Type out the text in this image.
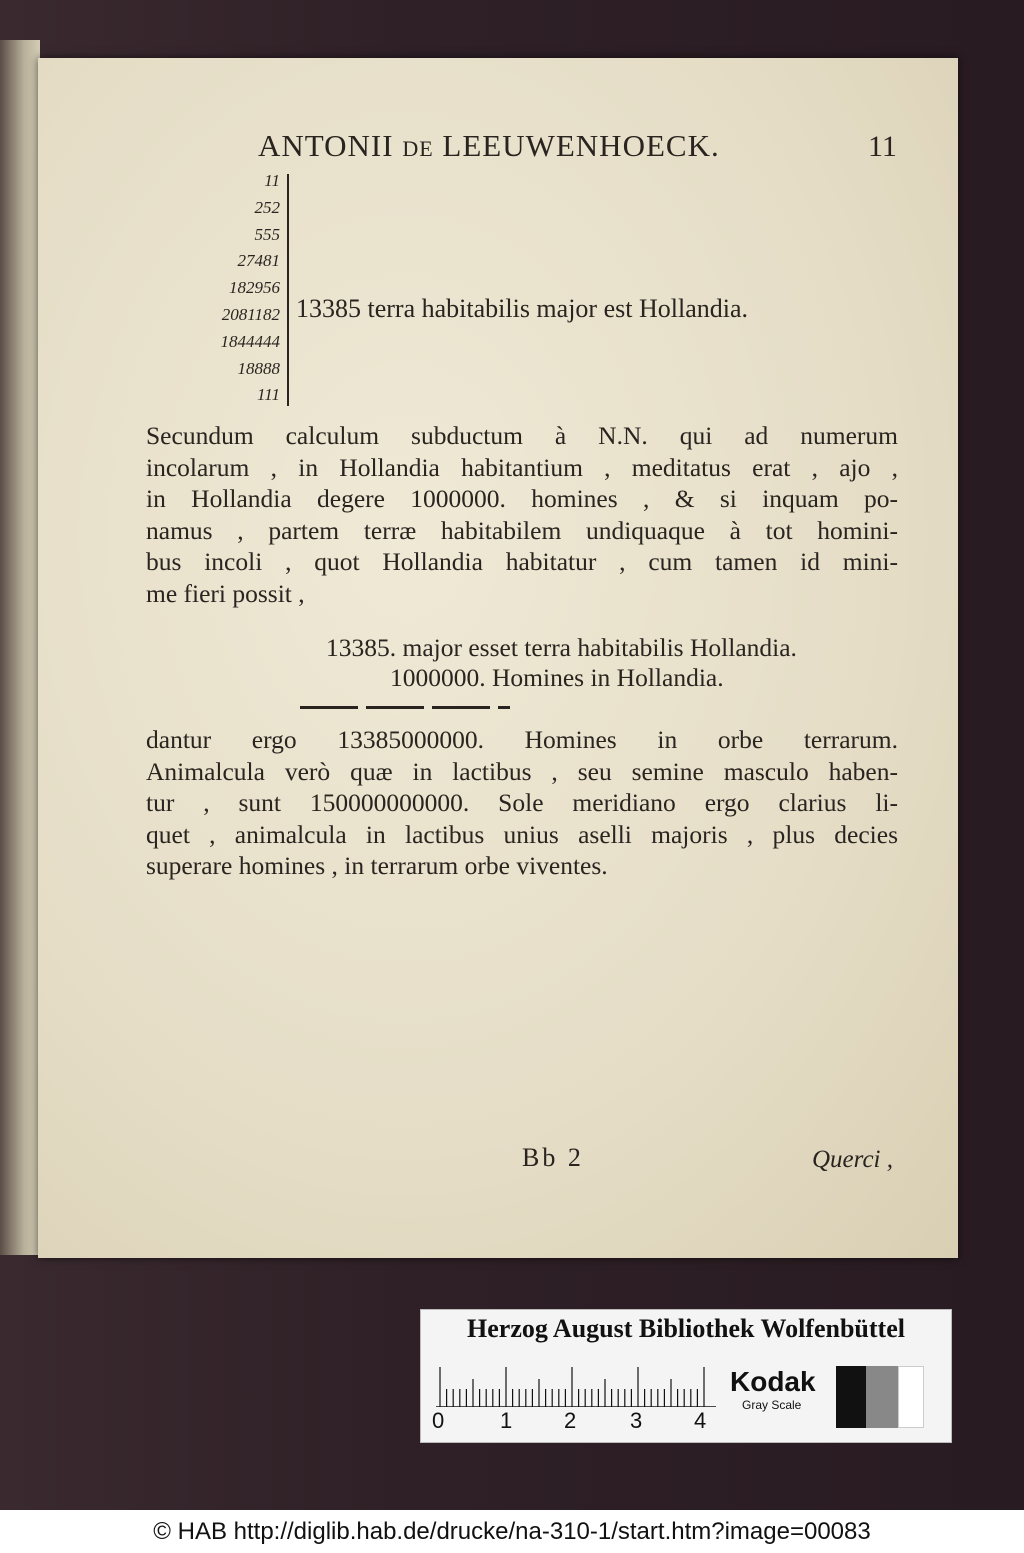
ANTONII DE LEEUWENHOECK.	11
11
252
555
27481
182956
2081182
1844444
18888
111
13385 terra habitabilis major est Hollandia.
Secundum calculum subductum à N.N. qui ad numerum
incolarum , in Hollandia habitantium , meditatus erat , ajo ,
in Hollandia degere 1000000. homines , & si inquam po-
namus , partem terræ habitabilem undiquaque à tot homini-
bus incoli , quot Hollandia habitatur , cum tamen id mini-
me fieri possit ,
13385. major esset terra habitabilis Hollandia.
1000000. Homines in Hollandia.
dantur ergo 13385000000. Homines in orbe terrarum.
Animalcula verò quæ in lactibus , seu semine masculo haben-
tur , sunt 150000000000. Sole meridiano ergo clarius li-
quet , animalcula in lactibus unius aselli majoris , plus decies
superare homines , in terrarum orbe viventes.
Bb 2	Querci ,
Herzog August Bibliothek Wolfenbüttel
0	1 2 3 4
Kodak
Gray Scale
© HAB http://diglib.hab.de/drucke/na-310-1/start.htm?image=00083
